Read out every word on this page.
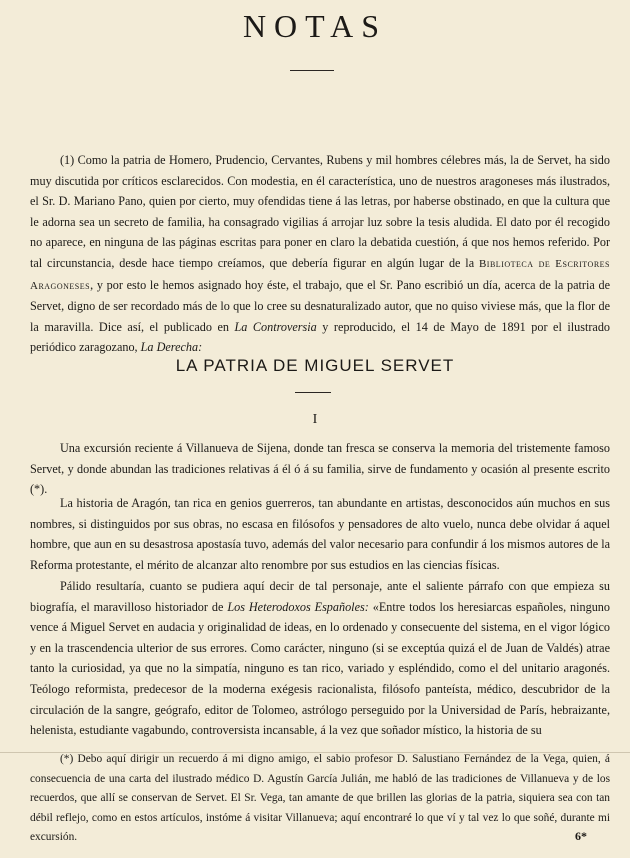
NOTAS
(1) Como la patria de Homero, Prudencio, Cervantes, Rubens y mil hombres célebres más, la de Servet, ha sido muy discutida por críticos esclarecidos. Con modestia, en él característica, uno de nuestros aragoneses más ilustrados, el Sr. D. Mariano Pano, quien por cierto, muy ofendidas tiene á las letras, por haberse obstinado, en que la cultura que le adorna sea un secreto de familia, ha consagrado vigilias á arrojar luz sobre la tesis aludida. El dato por él recogido no aparece, en ninguna de las páginas escritas para poner en claro la debatida cuestión, á que nos hemos referido. Por tal circunstancia, desde hace tiempo creíamos, que debería figurar en algún lugar de la Biblioteca de Escritores Aragoneses, y por esto le hemos asignado hoy éste, el trabajo, que el Sr. Pano escribió un día, acerca de la patria de Servet, digno de ser recordado más de lo que lo cree su desnaturalizado autor, que no quiso viviese más, que la flor de la maravilla. Dice así, el publicado en La Controversia y reproducido, el 14 de Mayo de 1891 por el ilustrado periódico zaragozano, La Derecha:
LA PATRIA DE MIGUEL SERVET
I
Una excursión reciente á Villanueva de Sijena, donde tan fresca se conserva la memoria del tristemente famoso Servet, y donde abundan las tradiciones relativas á él ó á su familia, sirve de fundamento y ocasión al presente escrito (*).
La historia de Aragón, tan rica en genios guerreros, tan abundante en artistas, desconocidos aún muchos en sus nombres, si distinguidos por sus obras, no escasa en filósofos y pensadores de alto vuelo, nunca debe olvidar á aquel hombre, que aun en su desastrosa apostasía tuvo, además del valor necesario para confundir á los mismos autores de la Reforma protestante, el mérito de alcanzar alto renombre por sus estudios en las ciencias físicas.
Pálido resultaría, cuanto se pudiera aquí decir de tal personaje, ante el saliente párrafo con que empieza su biografía, el maravilloso historiador de Los Heterodoxos Españoles: «Entre todos los heresiarcas españoles, ninguno vence á Miguel Servet en audacia y originalidad de ideas, en lo ordenado y consecuente del sistema, en el vigor lógico y en la trascendencia ulterior de sus errores. Como carácter, ninguno (si se exceptúa quizá el de Juan de Valdés) atrae tanto la curiosidad, ya que no la simpatía, ninguno es tan rico, variado y espléndido, como el del unitario aragonés. Teólogo reformista, predecesor de la moderna exégesis racionalista, filósofo panteísta, médico, descubridor de la circulación de la sangre, geógrafo, editor de Tolomeo, astrólogo perseguido por la Universidad de París, hebraizante, helenista, estudiante vagabundo, controversista incansable, á la vez que soñador místico, la historia de su
(*) Debo aquí dirigir un recuerdo á mi digno amigo, el sabio profesor D. Salustiano Fernández de la Vega, quien, á consecuencia de una carta del ilustrado médico D. Agustín García Julián, me habló de las tradiciones de Villanueva y de los recuerdos, que allí se conservan de Servet. El Sr. Vega, tan amante de que brillen las glorias de la patria, siquiera sea con tan débil reflejo, como en estos artículos, instóme á visitar Villanueva; aquí encontraré lo que ví y tal vez lo que soñé, durante mi excursión.	6*
